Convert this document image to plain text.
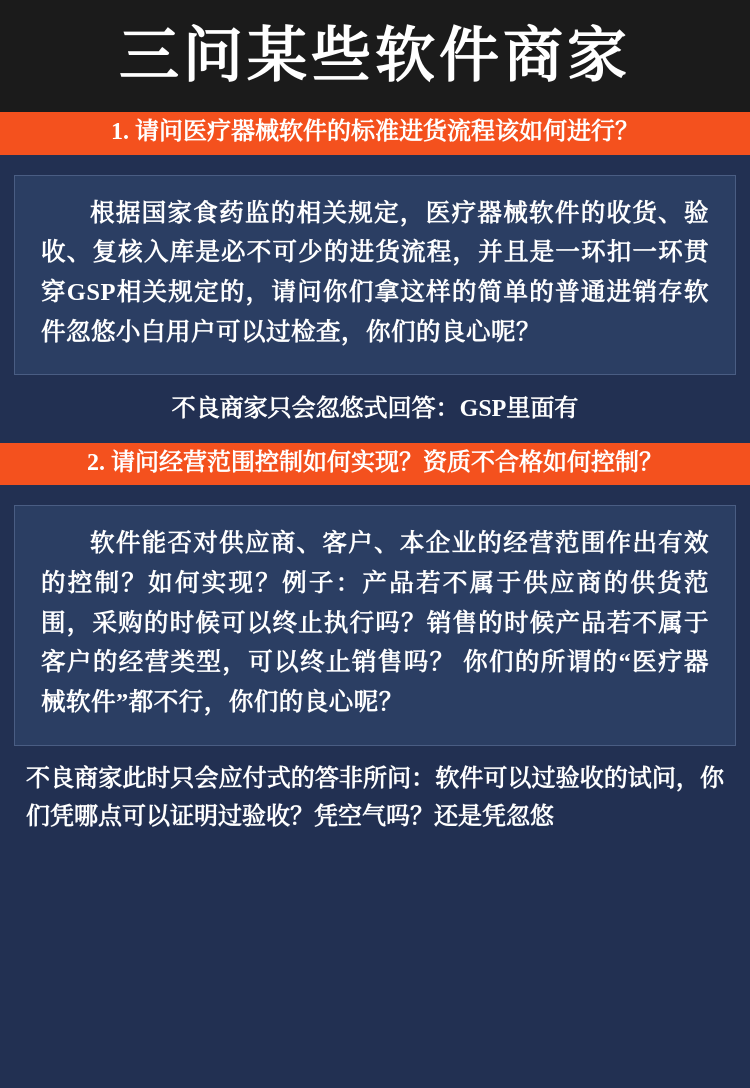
三问某些软件商家
1. 请问医疗器械软件的标准进货流程该如何进行？
根据国家食药监的相关规定，医疗器械软件的收货、验收、复核入库是必不可少的进货流程，并且是一环扣一环贯穿GSP相关规定的，请问你们拿这样的简单的普通进销存软件忽悠小白用户可以过检查，你们的良心呢？
不良商家只会忽悠式回答：GSP里面有
2. 请问经营范围控制如何实现？资质不合格如何控制？
软件能否对供应商、客户、本企业的经营范围作出有效的控制？如何实现？例子：产品若不属于供应商的供货范围，采购的时候可以终止执行吗？销售的时候产品若不属于客户的经营类型，可以终止销售吗？ 你们的所谓的“医疗器械软件”都不行，你们的良心呢？
不良商家此时只会应付式的答非所问：软件可以过验收的试问，你们凭哪点可以证明过验收？凭空气吗？还是凭忽悠
